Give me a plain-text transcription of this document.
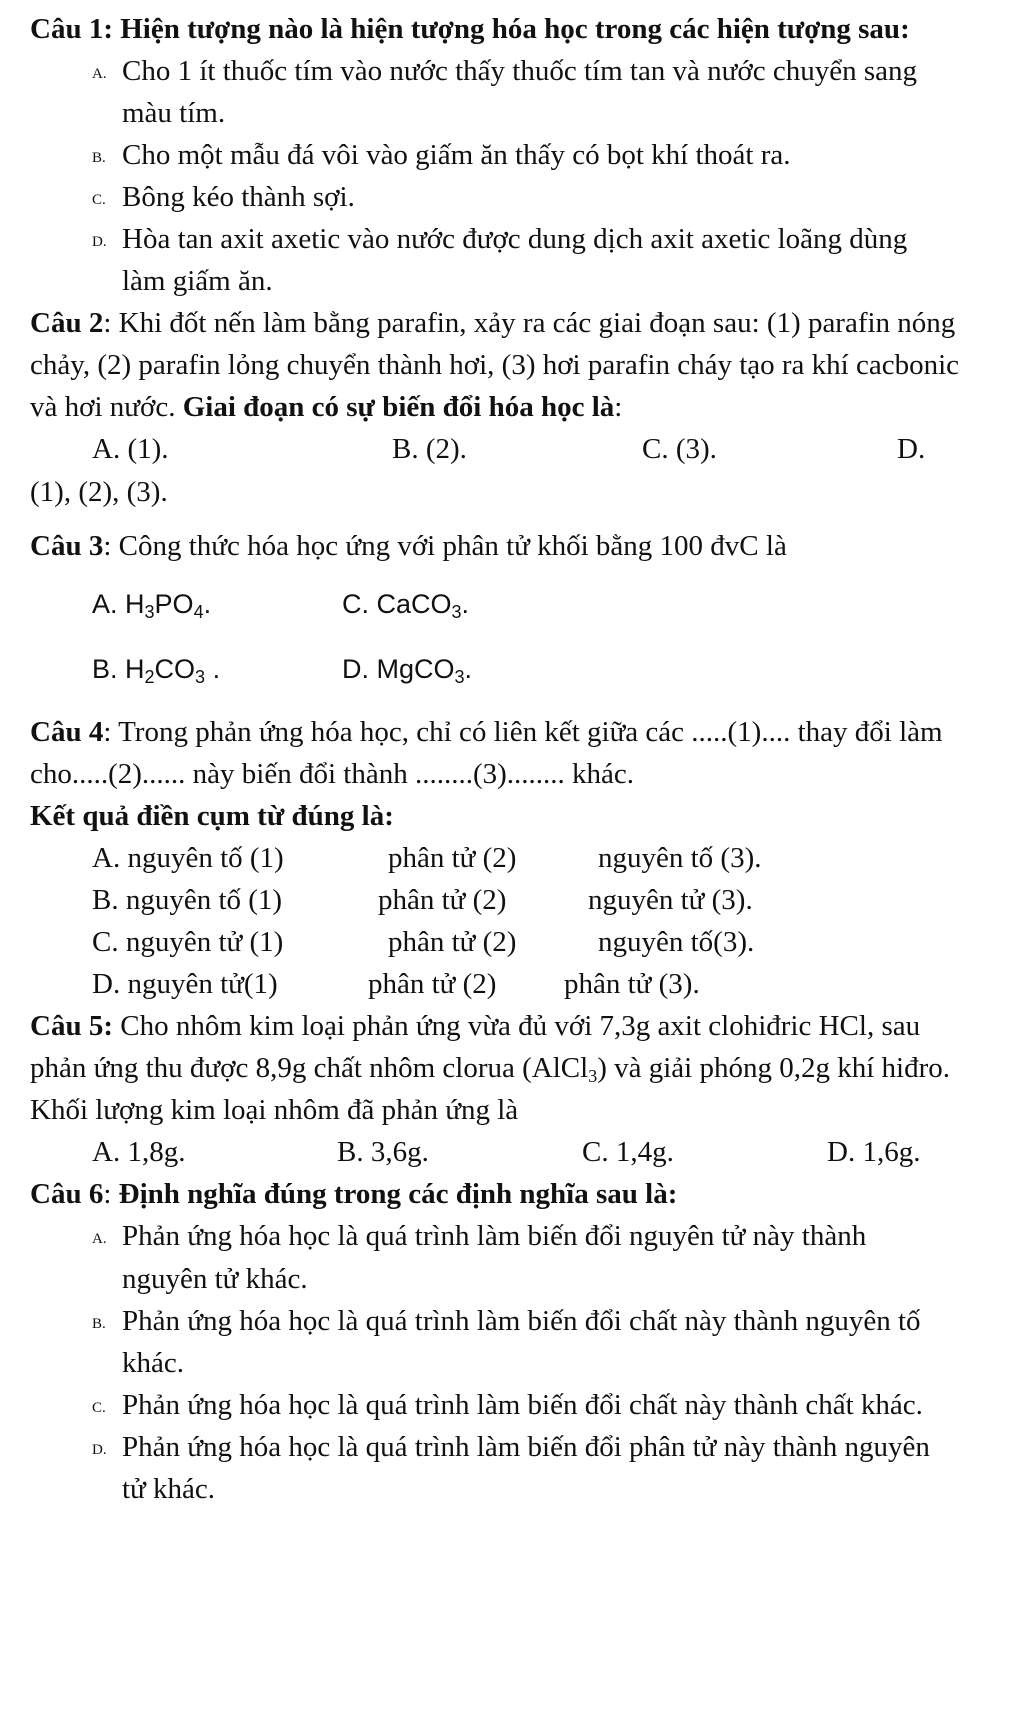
Câu 1: Hiện tượng nào là hiện tượng hóa học trong các hiện tượng sau:

A. Cho 1 ít thuốc tím vào nước thấy thuốc tím tan và nước chuyển sang màu tím.

B. Cho một mẫu đá vôi vào giấm ăn thấy có bọt khí thoát ra.

C. Bông kéo thành sợi.

D. Hòa tan axit axetic vào nước được dung dịch axit axetic loãng dùng làm giấm ăn.

Câu 2: Khi đốt nến làm bằng parafin, xảy ra các giai đoạn sau: (1) parafin nóng chảy, (2) parafin lỏng chuyển thành hơi, (3) hơi parafin cháy tạo ra khí cacbonic và hơi nước. Giai đoạn có sự biến đổi hóa học là:

A. (1).	B. (2).	C. (3).	D.

(1), (2), (3).

Câu 3: Công thức hóa học ứng với phân tử khối bằng 100 đvC là

A. $H_3PO_4$.	C. CaCO$_3$.
B. $H_2CO_3$ .	D. MgCO$_3$.

Câu 4: Trong phản ứng hóa học, chỉ có liên kết giữa các .....(1).... thay đổi làm cho.....(2)...... này biến đổi thành ........(3)........ khác.

Kết quả điền cụm từ đúng là:

A. nguyên tố (1)	phân tử (2)	nguyên tố (3).
B. nguyên tố (1)	phân tử (2)	nguyên tử (3).
C. nguyên tử (1)	phân tử (2)	nguyên tố(3).
D. nguyên tử(1)	phân tử (2)	phân tử (3).

Câu 5: Cho nhôm kim loại phản ứng vừa đủ với 7,3g axit clohiđric HCl, sau phản ứng thu được 8,9g chất nhôm clorua (AlCl$_3$) và giải phóng 0,2g khí hiđro. Khối lượng kim loại nhôm đã phản ứng là

A. 1,8g.	B. 3,6g.	C. 1,4g.	D. 1,6g.

Câu 6: Định nghĩa đúng trong các định nghĩa sau là:

A. Phản ứng hóa học là quá trình làm biến đổi nguyên tử này thành nguyên tử khác.

B. Phản ứng hóa học là quá trình làm biến đổi chất này thành nguyên tố khác.

C. Phản ứng hóa học là quá trình làm biến đổi chất này thành chất khác.

D. Phản ứng hóa học là quá trình làm biến đổi phân tử này thành nguyên tử khác.
